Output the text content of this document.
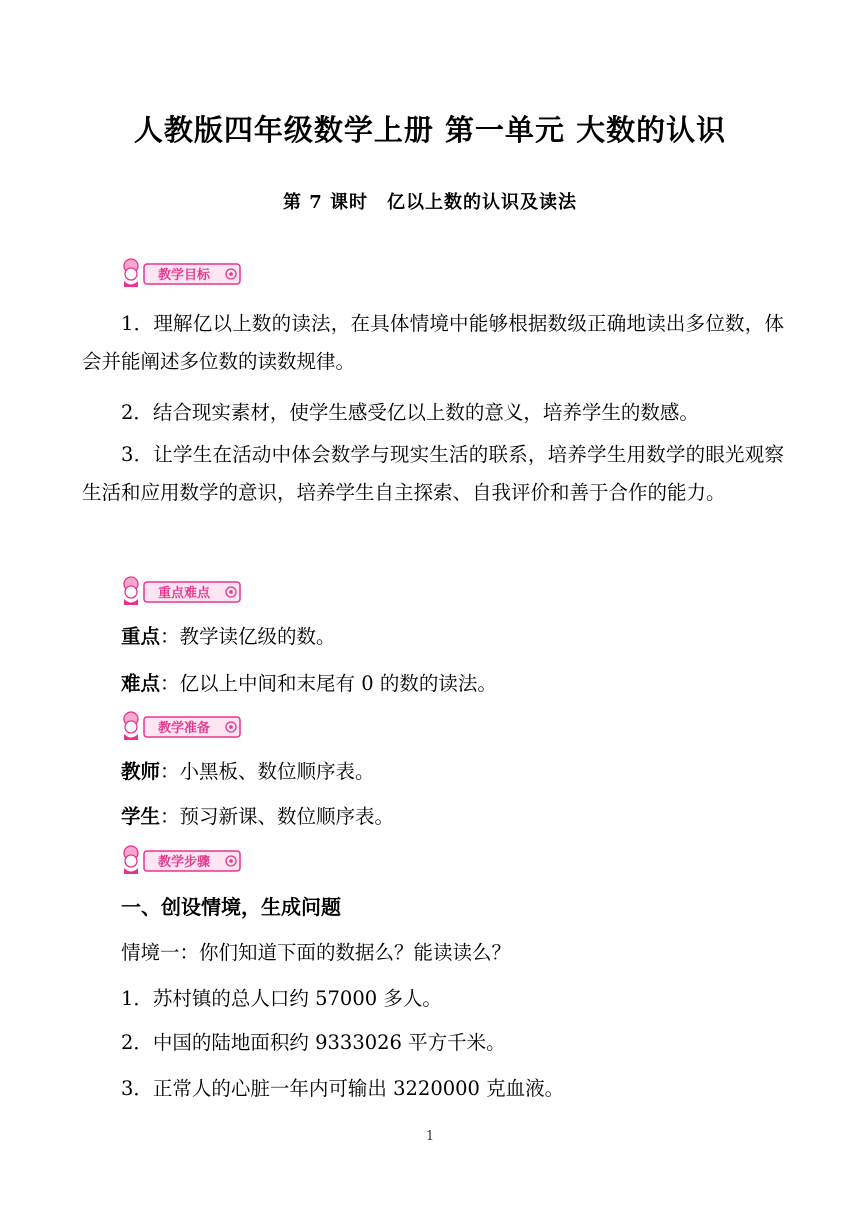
人教版四年级数学上册 第一单元 大数的认识
第 7 课时　亿以上数的认识及读法
教学目标
1．理解亿以上数的读法，在具体情境中能够根据数级正确地读出多位数，体会并能阐述多位数的读数规律。
2．结合现实素材，使学生感受亿以上数的意义，培养学生的数感。
3．让学生在活动中体会数学与现实生活的联系，培养学生用数学的眼光观察生活和应用数学的意识，培养学生自主探索、自我评价和善于合作的能力。
重点难点
重点：教学读亿级的数。
难点：亿以上中间和末尾有 0 的数的读法。
教学准备
教师：小黑板、数位顺序表。
学生：预习新课、数位顺序表。
教学步骤
一、创设情境，生成问题
情境一：你们知道下面的数据么？能读读么？
1．苏村镇的总人口约 57000 多人。
2．中国的陆地面积约 9333026 平方千米。
3．正常人的心脏一年内可输出 3220000 克血液。
1
